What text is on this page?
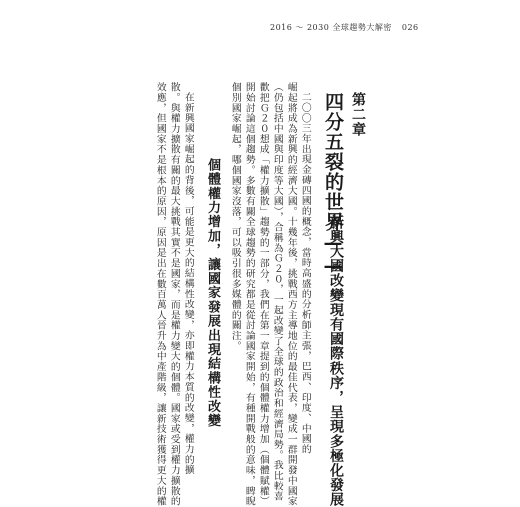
2016 ～ 2030 全球趨勢大解密 026
第二章
四分五裂的世界——
新興大國改變現有國際秩序，呈現多極化發展
二〇〇三年出現金磚四國的概念，當時高盛的分析師主張，巴西、印度、中國的
崛起將成為新興的經濟大國。十幾年後，挑戰西方主導地位的最佳代表，變成一群開發中國家
（仍包括中國與印度等大國），合稱為Ｇ２０，一起改變了全球的政治和經濟局勢。我比較喜
歡把Ｇ２０想成「權力擴散」趨勢的一部分，我們在第一章提到的個體權力增加（個體賦權）
開始討論這個趨勢。多數有關全球趨勢的研究都是從討論國家開始，有種開戰般的意味，睥睨
個別國家崛起，哪個國家沒落，可以吸引很多媒體的關注。
個體權力增加，讓國家發展出現結構性改變
在新興國家崛起的背後，可能是更大的結構性改變，亦即權力本質的改變，權力的擴
散。與權力擴散有關的最大挑戰其實不是國家，而是權力變大的個體。國家或受到權力擴散的
效應，但國家不是根本的原因，原因是出在數百萬人晉升為中產階級，讓新技術獲得更大的權
